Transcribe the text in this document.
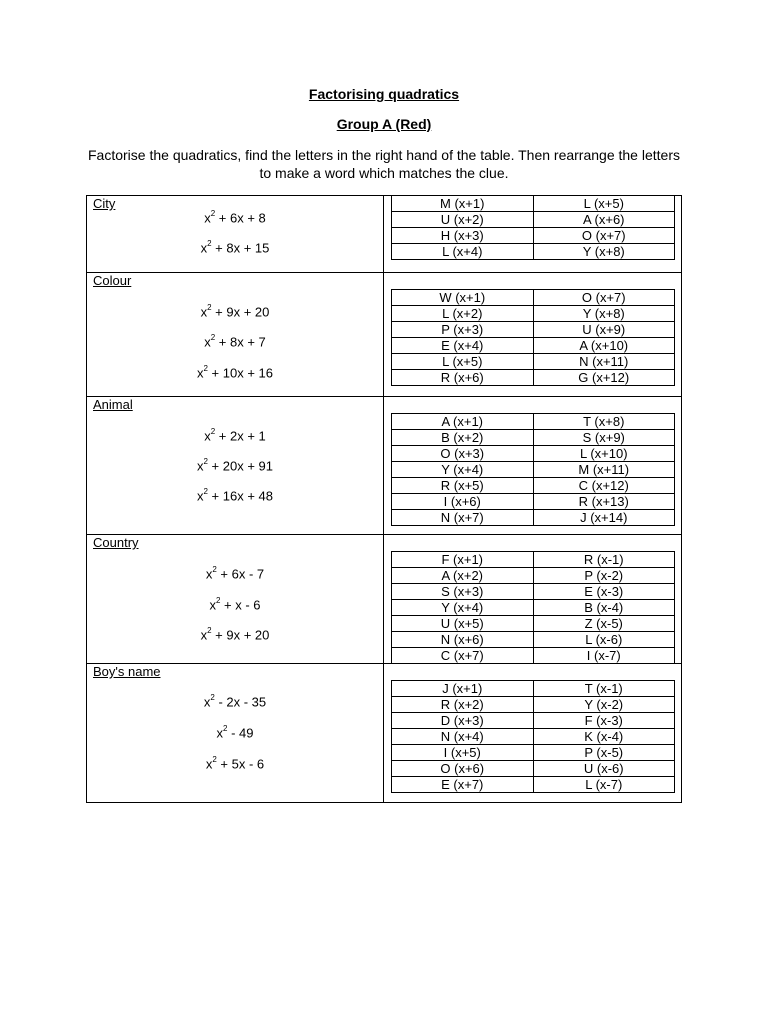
Factorising quadratics
Group A (Red)
Factorise the quadratics, find the letters in the right hand of the table. Then rearrange the letters to make a word which matches the clue.
City
$x^2 + 6x + 8$
$x^2 + 8x + 15$
M (x+1)	L (x+5)
U (x+2)	A (x+6)
H (x+3)	O (x+7)
L (x+4)	Y (x+8)
Colour
$x^2 + 9x + 20$
$x^2 + 8x + 7$
$x^2 + 10x + 16$
W (x+1)	O (x+7)
L (x+2)	Y (x+8)
P (x+3)	U (x+9)
E (x+4)	A (x+10)
L (x+5)	N (x+11)
R (x+6)	G (x+12)
Animal
$x^2 + 2x + 1$
$x^2 + 20x + 91$
$x^2 + 16x + 48$
A (x+1)	T (x+8)
B (x+2)	S (x+9)
O (x+3)	L (x+10)
Y (x+4)	M (x+11)
R (x+5)	C (x+12)
I (x+6)	R (x+13)
N (x+7)	J (x+14)
Country
$x^2 + 6x - 7$
$x^2 + x - 6$
$x^2 + 9x + 20$
F (x+1)	R (x-1)
A (x+2)	P (x-2)
S (x+3)	E (x-3)
Y (x+4)	B (x-4)
U (x+5)	Z (x-5)
N (x+6)	L (x-6)
C (x+7)	I (x-7)
Boy's name
$x^2 - 2x - 35$
$x^2 - 49$
$x^2 + 5x - 6$
J (x+1)	T (x-1)
R (x+2)	Y (x-2)
D (x+3)	F (x-3)
N (x+4)	K (x-4)
I (x+5)	P (x-5)
O (x+6)	U (x-6)
E (x+7)	L (x-7)
